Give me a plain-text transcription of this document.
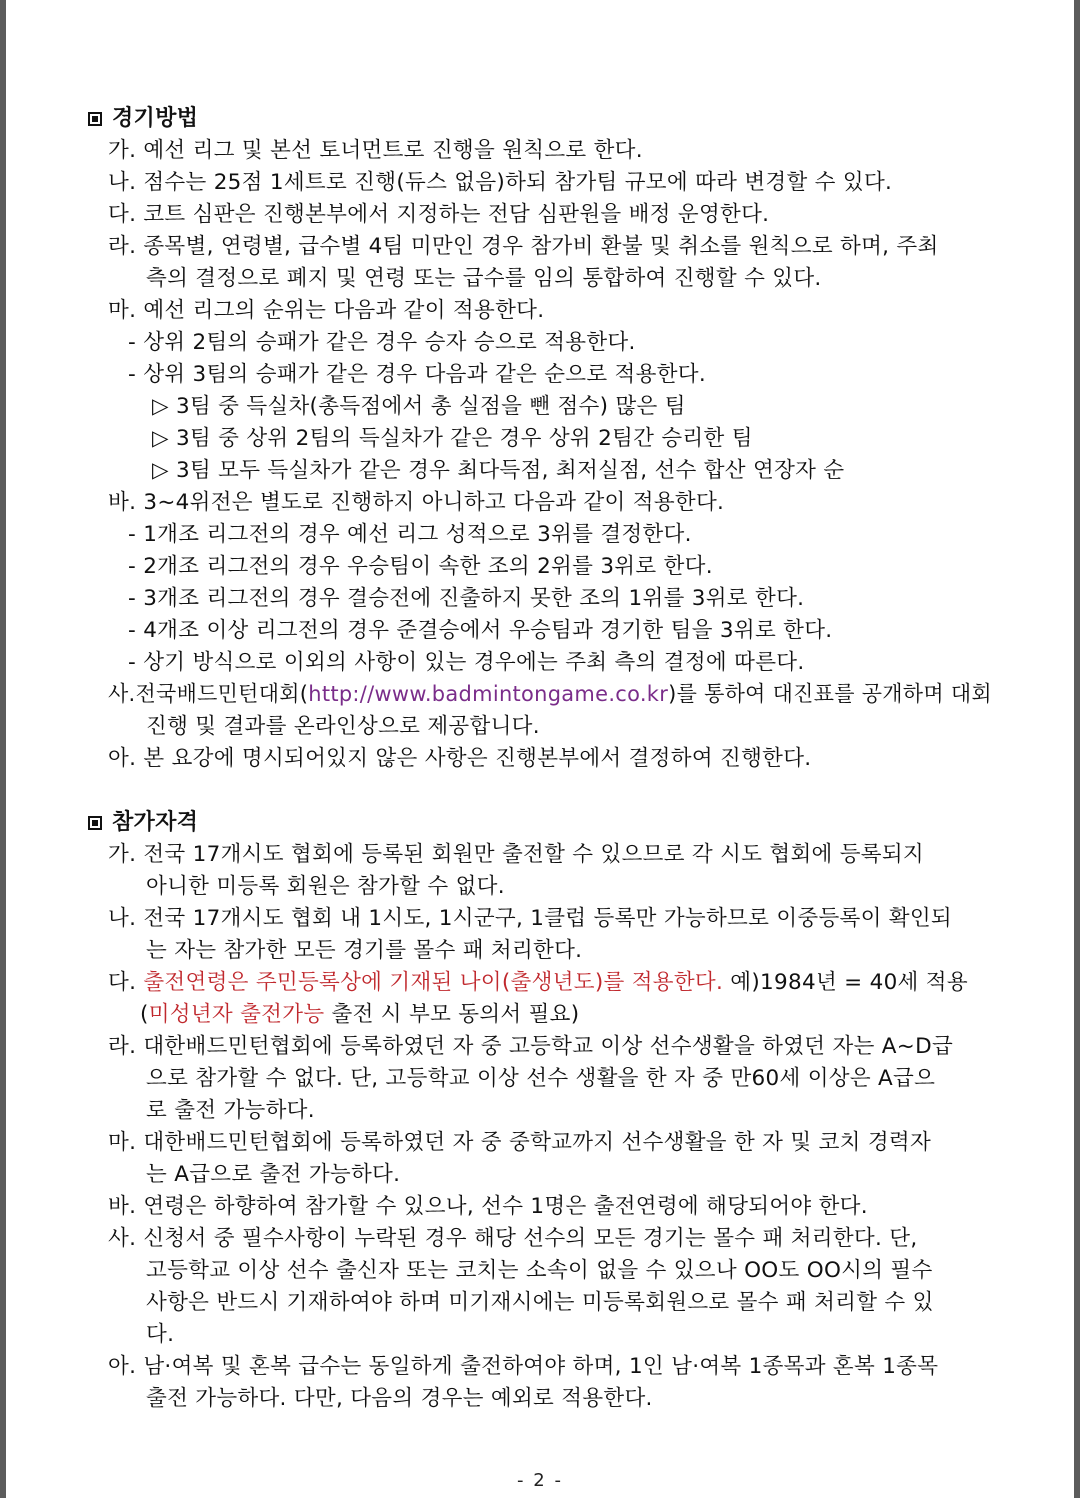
경기방법
가. 예선 리그 및 본선 토너먼트로 진행을 원칙으로 한다.
나. 점수는 25점 1세트로 진행(듀스 없음)하되 참가팀 규모에 따라 변경할 수 있다.
다. 코트 심판은 진행본부에서 지정하는 전담 심판원을 배정 운영한다.
라. 종목별, 연령별, 급수별 4팀 미만인 경우 참가비 환불 및 취소를 원칙으로 하며, 주최
측의 결정으로 폐지 및 연령 또는 급수를 임의 통합하여 진행할 수 있다.
마. 예선 리그의 순위는 다음과 같이 적용한다.
- 상위 2팀의 승패가 같은 경우 승자 승으로 적용한다.
- 상위 3팀의 승패가 같은 경우 다음과 같은 순으로 적용한다.
▷ 3팀 중 득실차(총득점에서 총 실점을 뺀 점수) 많은 팀
▷ 3팀 중 상위 2팀의 득실차가 같은 경우 상위 2팀간 승리한 팀
▷ 3팀 모두 득실차가 같은 경우 최다득점, 최저실점, 선수 합산 연장자 순
바. 3~4위전은 별도로 진행하지 아니하고 다음과 같이 적용한다.
- 1개조 리그전의 경우 예선 리그 성적으로 3위를 결정한다.
- 2개조 리그전의 경우 우승팀이 속한 조의 2위를 3위로 한다.
- 3개조 리그전의 경우 결승전에 진출하지 못한 조의 1위를 3위로 한다.
- 4개조 이상 리그전의 경우 준결승에서 우승팀과 경기한 팀을 3위로 한다.
- 상기 방식으로 이외의 사항이 있는 경우에는 주최 측의 결정에 따른다.
사. 전국배드민턴대회(http://www.badmintongame.co.kr)를 통하여 대진표를 공개하며 대회
진행 및 결과를 온라인상으로 제공합니다.
아. 본 요강에 명시되어있지 않은 사항은 진행본부에서 결정하여 진행한다.
참가자격
가. 전국 17개시도 협회에 등록된 회원만 출전할 수 있으므로 각 시도 협회에 등록되지
아니한 미등록 회원은 참가할 수 없다.
나. 전국 17개시도 협회 내 1시도, 1시군구, 1클럽 등록만 가능하므로 이중등록이 확인되
는 자는 참가한 모든 경기를 몰수 패 처리한다.
다. 출전연령은 주민등록상에 기재된 나이(출생년도)를 적용한다. 예)1984년 = 40세 적용
(미성년자 출전가능 출전 시 부모 동의서 필요)
라. 대한배드민턴협회에 등록하였던 자 중 고등학교 이상 선수생활을 하였던 자는 A~D급
으로 참가할 수 없다. 단, 고등학교 이상 선수 생활을 한 자 중 만60세 이상은 A급으
로 출전 가능하다.
마. 대한배드민턴협회에 등록하였던 자 중 중학교까지 선수생활을 한 자 및 코치 경력자
는 A급으로 출전 가능하다.
바. 연령은 하향하여 참가할 수 있으나, 선수 1명은 출전연령에 해당되어야 한다.
사. 신청서 중 필수사항이 누락된 경우 해당 선수의 모든 경기는 몰수 패 처리한다. 단,
고등학교 이상 선수 출신자 또는 코치는 소속이 없을 수 있으나 OO도 OO시의 필수
사항은 반드시 기재하여야 하며 미기재시에는 미등록회원으로 몰수 패 처리할 수 있
다.
아. 남·여복 및 혼복 급수는 동일하게 출전하여야 하며, 1인 남·여복 1종목과 혼복 1종목
출전 가능하다. 다만, 다음의 경우는 예외로 적용한다.
- 2 -
